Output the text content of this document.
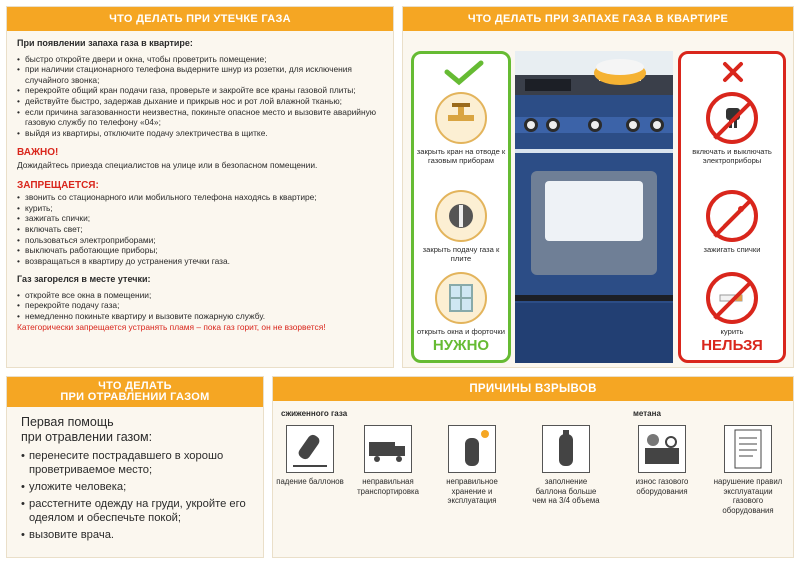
ЧТО ДЕЛАТЬ ПРИ УТЕЧКЕ ГАЗА
При появлении запаха газа в квартире:
• быстро откройте двери и окна, чтобы проветрить помещение;
• при наличии стационарного телефона выдерните шнур из розетки, для исключения случайного звонка;
• перекройте общий кран подачи газа, проверьте и закройте все краны газовой плиты;
• действуйте быстро, задержав дыхание и прикрыв нос и рот лой влажной тканью;
• если причина загазованности неизвестна, покиньте опасное место и вызовите аварийную газовую службу по телефону «04»;
• выйдя из квартиры, отключите подачу электричества в щитке.
ВАЖНО!
Дожидайтесь приезда специалистов на улице или в безопасном помещении.
ЗАПРЕЩАЕТСЯ:
• звонить со стационарного или мобильного телефона находясь в квартире;
• курить;
• зажигать спички;
• включать свет;
• пользоваться электроприборами;
• выключать работающие приборы;
• возвращаться в квартиру до устранения утечки газа.
Газ загорелся в месте утечки:
• откройте все окна в помещении;
• перекройте подачу газа;
• немедленно покиньте квартиру и вызовите пожарную службу.
Категорически запрещается устранять пламя – пока газ горит, он не взорвется!
ЧТО ДЕЛАТЬ ПРИ ЗАПАХЕ ГАЗА В КВАРТИРЕ
закрыть кран на отводе к газовым приборам
закрыть подачу газа к плите
открыть окна и форточки
НУЖНО
включать и выключать электроприборы
зажигать спички
курить
НЕЛЬЗЯ
ЧТО ДЕЛАТЬ
ПРИ ОТРАВЛЕНИИ ГАЗОМ
Первая помощь
при отравлении газом:
• перенесите пострадавшего в хорошо проветриваемое место;
• уложите человека;
• расстегните одежду на груди, укройте его одеялом и обеспечьте покой;
• вызовите врача.
ПРИЧИНЫ ВЗРЫВОВ
сжиженного газа	метана
падение баллонов	неправильная транспортировка
неправильное хранение и эксплуатация
заполнение баллона больше чем на 3/4 объема
износ газового оборудования
нарушение правил эксплуатации газового оборудования
